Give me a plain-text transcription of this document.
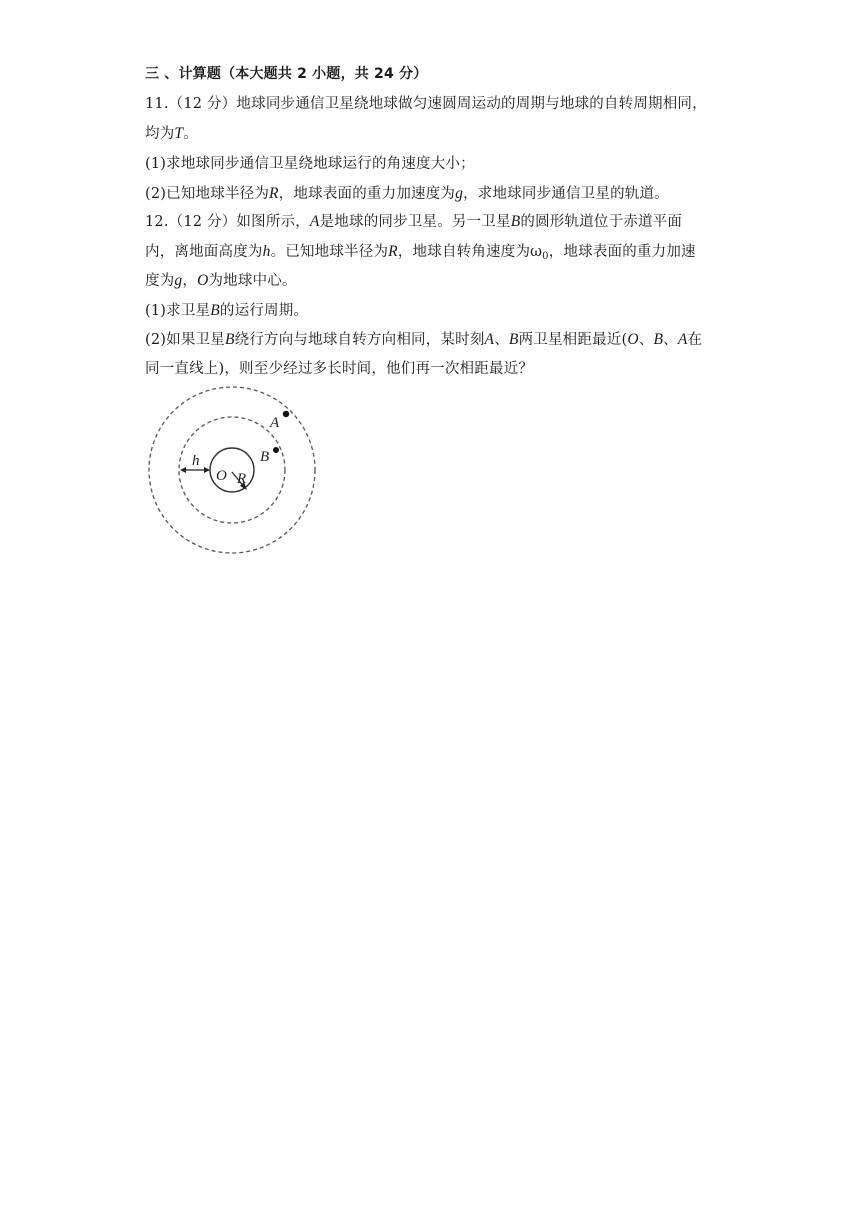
三 、计算题（本大题共 2 小题，共 24 分）
11.（12 分）地球同步通信卫星绕地球做匀速圆周运动的周期与地球的自转周期相同，
均为T。
(1)求地球同步通信卫星绕地球运行的角速度大小；
(2)已知地球半径为R，地球表面的重力加速度为g，求地球同步通信卫星的轨道。
12.（12 分）如图所示，A是地球的同步卫星。另一卫星B的圆形轨道位于赤道平面
内，离地面高度为h。已知地球半径为R，地球自转角速度为$\omega_0$，地球表面的重力加速
度为g，O为地球中心。
(1)求卫星B的运行周期。
(2)如果卫星B绕行方向与地球自转方向相同，某时刻A、B两卫星相距最近(O、B、A在
同一直线上)，则至少经过多长时间，他们再一次相距最近？
A
B
h
O R
